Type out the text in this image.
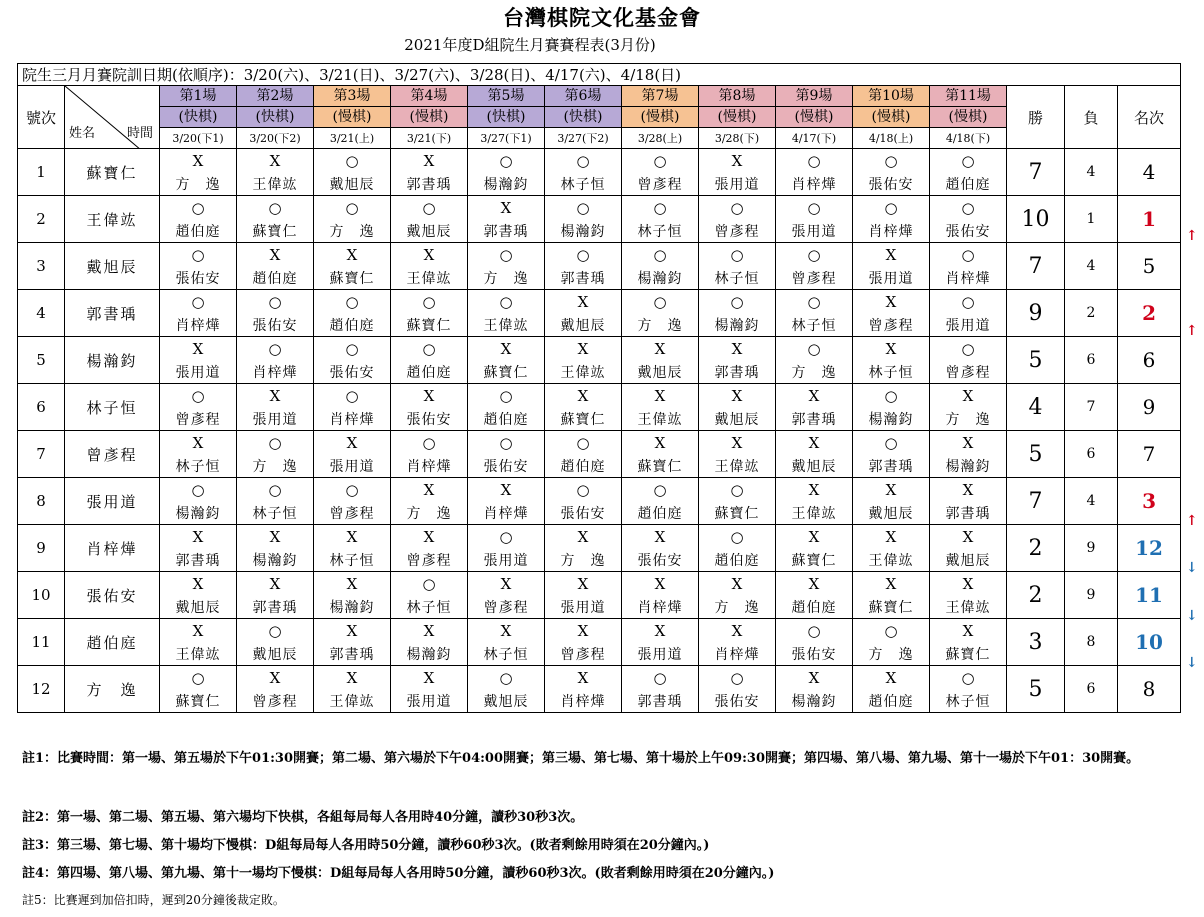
台灣棋院文化基金會
2021年度D組院生月賽賽程表(3月份)
院生三月月賽院訓日期(依順序)：3/20(六)、3/21(日)、3/27(六)、3/28(日)、4/17(六)、4/18(日)															
號次	姓名 時間	第1場	第2場	第3場	第4場	第5場	第6場	第7場	第8場	第9場	第10場	第11場	勝	負	名次
		(快棋)	(快棋)	(慢棋)	(慢棋)	(快棋)	(快棋)	(慢棋)	(慢棋)	(慢棋)	(慢棋)	(慢棋)			
		3/20(下1)	3/20(下2)	3/21(上)	3/21(下)	3/27(下1)	3/27(下2)	3/28(上)	3/28(下)	4/17(下)	4/18(上)	4/18(下)			
1	蘇寶仁	X	X	○	X	○	○	○	X	○	○	○	7	4	4
		方　逸	王偉竑	戴旭辰	郭書瑀	楊瀚鈞	林子恒	曾彥程	張用道	肖梓燁	張佑安	趙伯庭			
2	王偉竑	○	○	○	○	X	○	○	○	○	○	○	10	1	1
		趙伯庭	蘇寶仁	方　逸	戴旭辰	郭書瑀	楊瀚鈞	林子恒	曾彥程	張用道	肖梓燁	張佑安			
3	戴旭辰	○	X	X	X	○	○	○	○	○	X	○	7	4	5
		張佑安	趙伯庭	蘇寶仁	王偉竑	方　逸	郭書瑀	楊瀚鈞	林子恒	曾彥程	張用道	肖梓燁			
4	郭書瑀	○	○	○	○	○	X	○	○	○	X	○	9	2	2
		肖梓燁	張佑安	趙伯庭	蘇寶仁	王偉竑	戴旭辰	方　逸	楊瀚鈞	林子恒	曾彥程	張用道			
5	楊瀚鈞	X	○	○	○	X	X	X	X	○	X	○	5	6	6
		張用道	肖梓燁	張佑安	趙伯庭	蘇寶仁	王偉竑	戴旭辰	郭書瑀	方　逸	林子恒	曾彥程			
6	林子恒	○	X	○	X	○	X	X	X	X	○	X	4	7	9
		曾彥程	張用道	肖梓燁	張佑安	趙伯庭	蘇寶仁	王偉竑	戴旭辰	郭書瑀	楊瀚鈞	方　逸			
7	曾彥程	X	○	X	○	○	○	X	X	X	○	X	5	6	7
		林子恒	方　逸	張用道	肖梓燁	張佑安	趙伯庭	蘇寶仁	王偉竑	戴旭辰	郭書瑀	楊瀚鈞			
8	張用道	○	○	○	X	X	○	○	○	X	X	X	7	4	3
		楊瀚鈞	林子恒	曾彥程	方　逸	肖梓燁	張佑安	趙伯庭	蘇寶仁	王偉竑	戴旭辰	郭書瑀			
9	肖梓燁	X	X	X	X	○	X	X	○	X	X	X	2	9	12
		郭書瑀	楊瀚鈞	林子恒	曾彥程	張用道	方　逸	張佑安	趙伯庭	蘇寶仁	王偉竑	戴旭辰			
10	張佑安	X	X	X	○	X	X	X	X	X	X	X	2	9	11
		戴旭辰	郭書瑀	楊瀚鈞	林子恒	曾彥程	張用道	肖梓燁	方　逸	趙伯庭	蘇寶仁	王偉竑			
11	趙伯庭	X	○	X	X	X	X	X	X	○	○	X	3	8	10
		王偉竑	戴旭辰	郭書瑀	楊瀚鈞	林子恒	曾彥程	張用道	肖梓燁	張佑安	方　逸	蘇寶仁			
12	方　逸	○	X	X	X	○	X	○	○	X	X	○	5	6	8
		蘇寶仁	曾彥程	王偉竑	張用道	戴旭辰	肖梓燁	郭書瑀	張佑安	楊瀚鈞	趙伯庭	林子恒			
↑
↑
↑
↓
↓
↓

註1：比賽時間：第一場、第五場於下午01:30開賽；第二場、第六場於下午04:00開賽；第三場、第七場、第十場於上午09:30開賽；第四場、第八場、第九場、第十一場於下午01：30開賽。

註2：第一場、第二場、第五場、第六場均下快棋，各組每局每人各用時40分鐘，讀秒30秒3次。

註3：第三場、第七場、第十場均下慢棋：D組每局每人各用時50分鐘，讀秒60秒3次。(敗者剩餘用時須在20分鐘內。)

註4：第四場、第八場、第九場、第十一場均下慢棋：D組每局每人各用時50分鐘，讀秒60秒3次。(敗者剩餘用時須在20分鐘內。)

註5：比賽遲到加倍扣時，遲到20分鐘後裁定敗。
